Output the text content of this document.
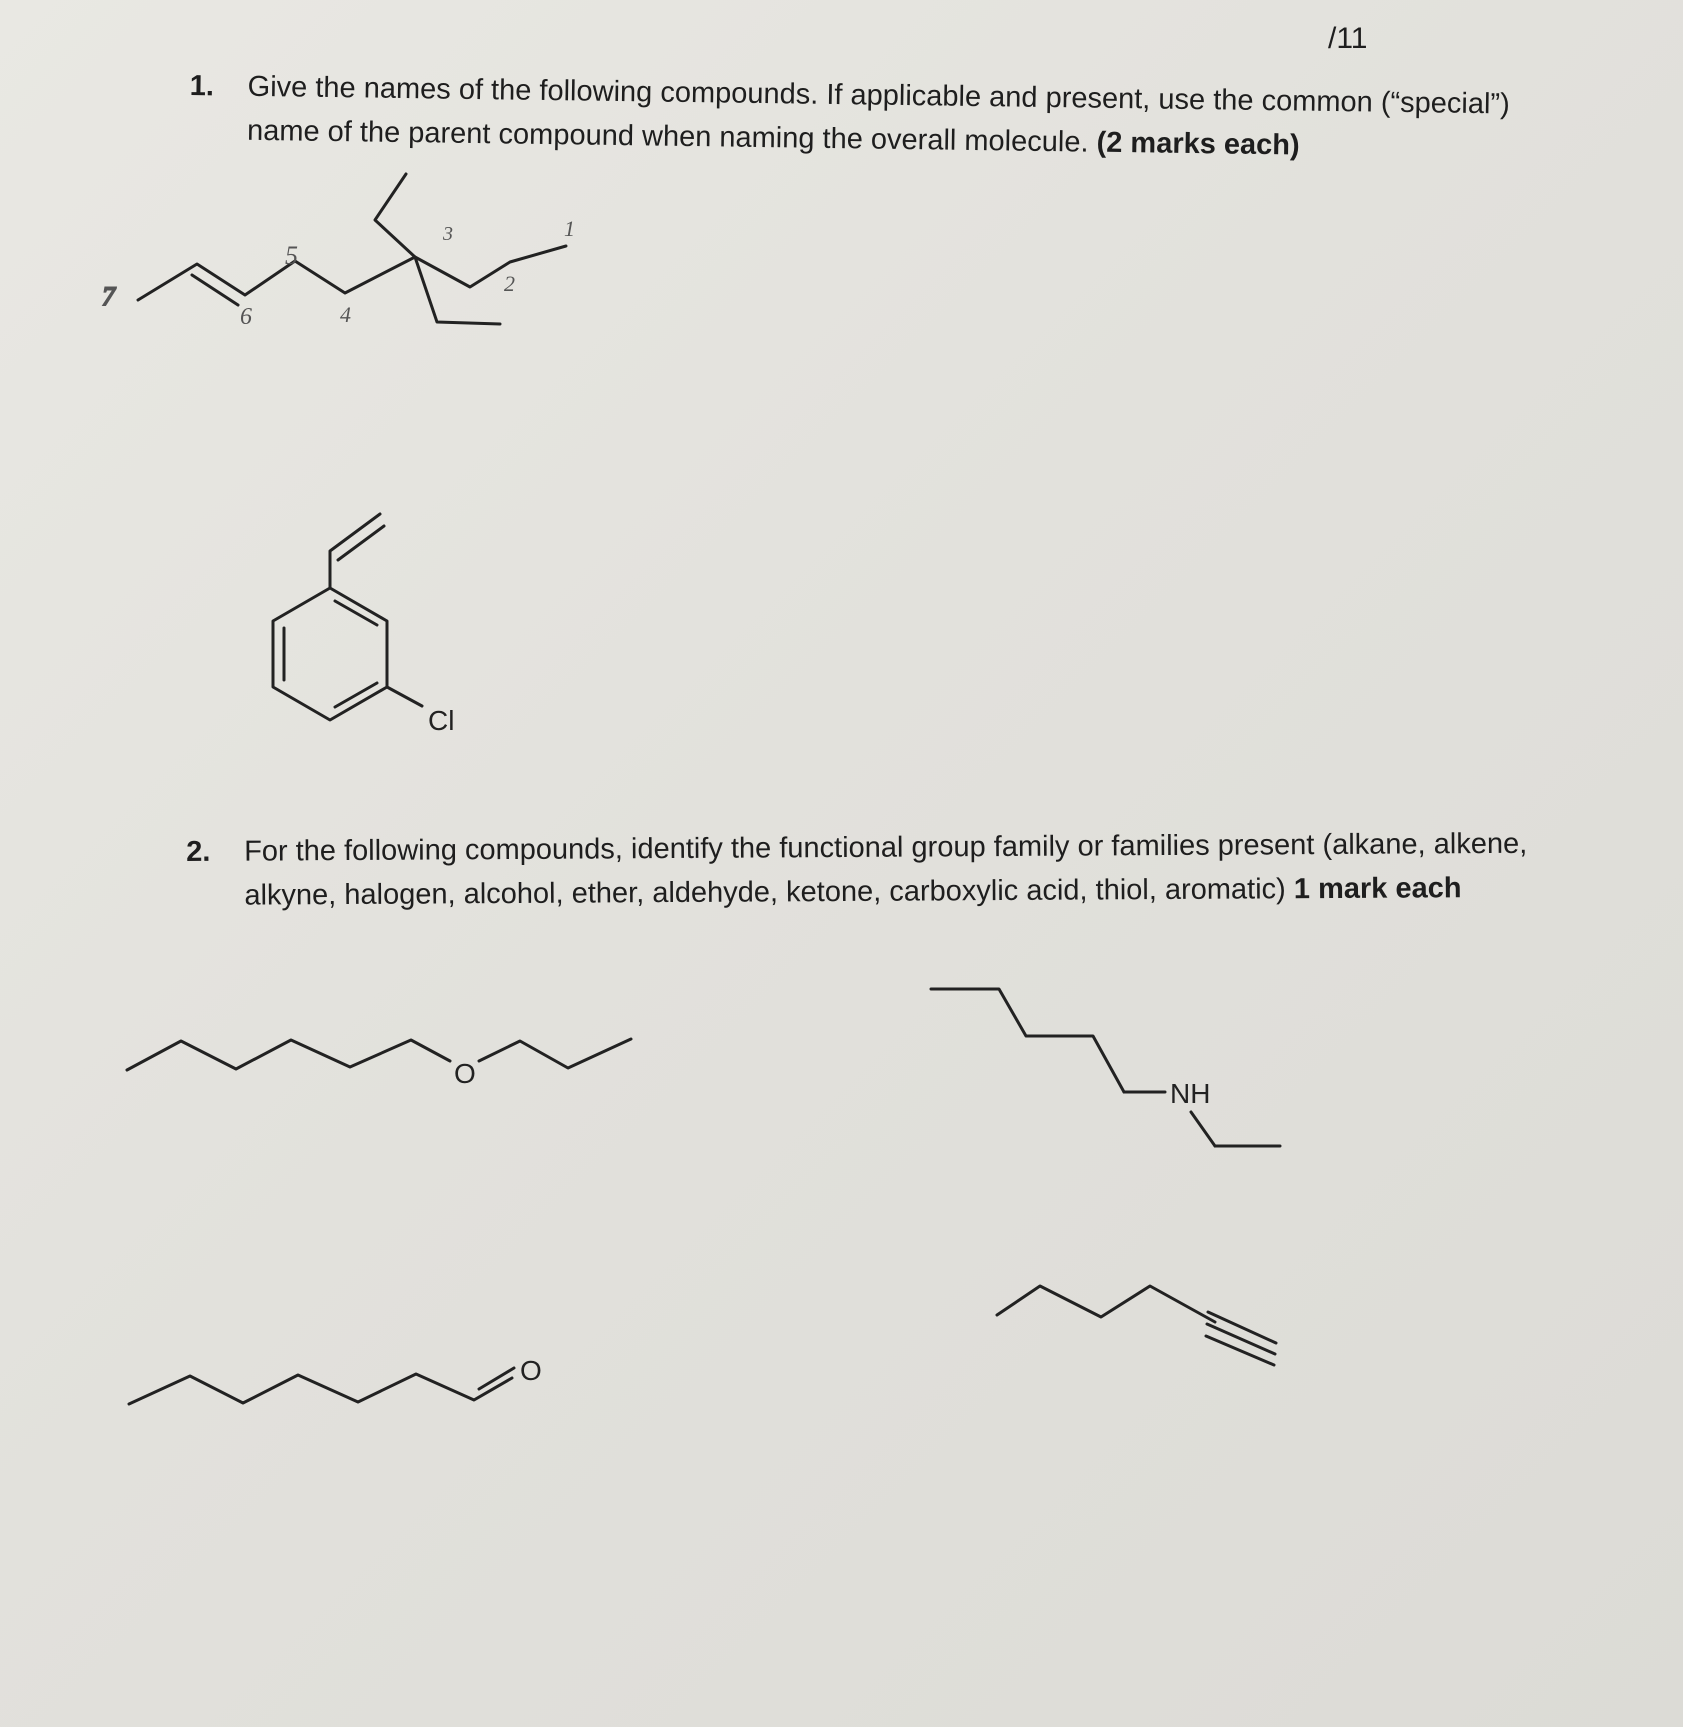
/11
1. Give the names of the following compounds. If applicable and present, use the common (“special”) name of the parent compound when naming the overall molecule. (2 marks each)
2. For the following compounds, identify the functional group family or families present (alkane, alkene, alkyne, halogen, alcohol, ether, aldehyde, ketone, carboxylic acid, thiol, aromatic) 1 mark each
7
6
5
4
3
2
1
Cl
O
NH
O
